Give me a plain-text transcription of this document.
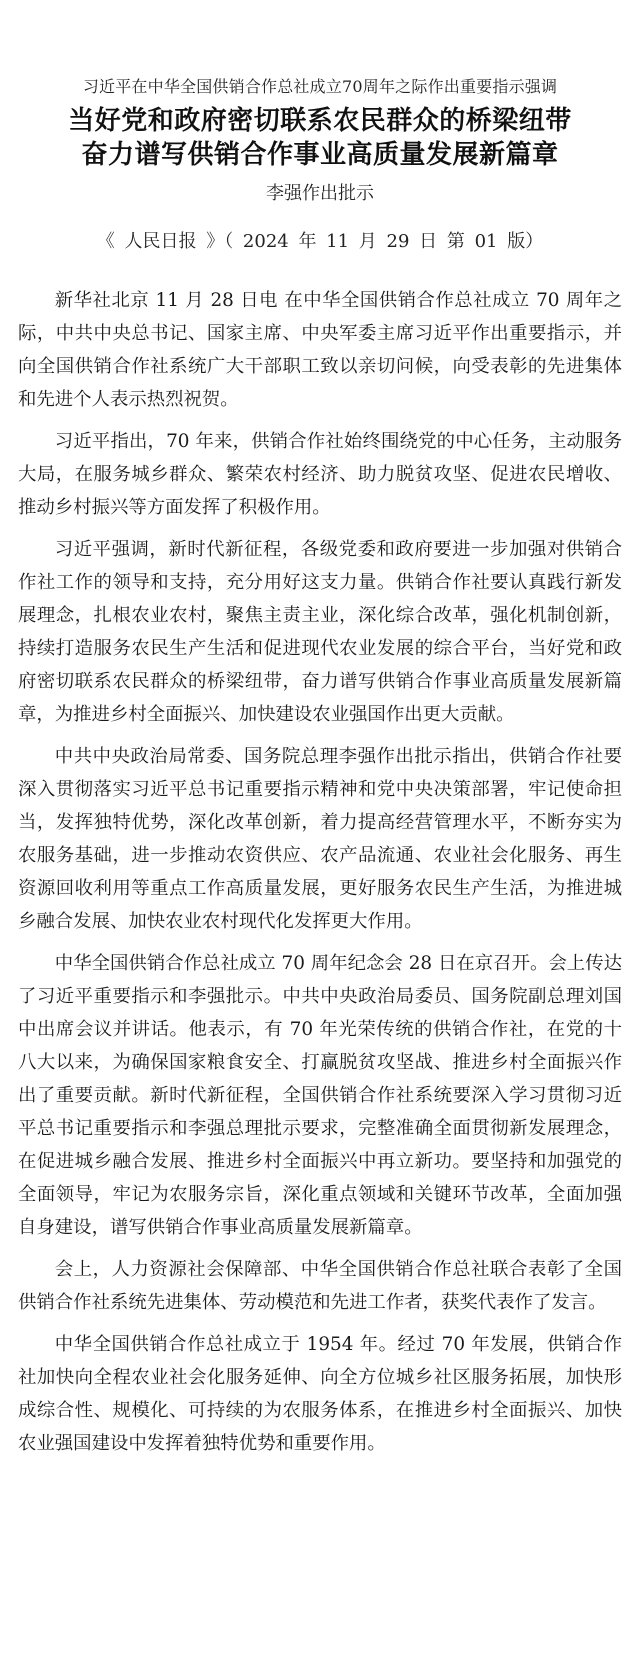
习近平在中华全国供销合作总社成立70周年之际作出重要指示强调

当好党和政府密切联系农民群众的桥梁纽带
奋力谱写供销合作事业高质量发展新篇章

李强作出批示

《 人民日报 》（ 2024 年 11 月 29 日 第 01 版）

新华社北京 11 月 28 日电 在中华全国供销合作总社成立 70 周年之际，中共中央总书记、国家主席、中央军委主席习近平作出重要指示，并向全国供销合作社系统广大干部职工致以亲切问候，向受表彰的先进集体和先进个人表示热烈祝贺。

习近平指出，70 年来，供销合作社始终围绕党的中心任务，主动服务大局，在服务城乡群众、繁荣农村经济、助力脱贫攻坚、促进农民增收、推动乡村振兴等方面发挥了积极作用。

习近平强调，新时代新征程，各级党委和政府要进一步加强对供销合作社工作的领导和支持，充分用好这支力量。供销合作社要认真践行新发展理念，扎根农业农村，聚焦主责主业，深化综合改革，强化机制创新，持续打造服务农民生产生活和促进现代农业发展的综合平台，当好党和政府密切联系农民群众的桥梁纽带，奋力谱写供销合作事业高质量发展新篇章，为推进乡村全面振兴、加快建设农业强国作出更大贡献。

中共中央政治局常委、国务院总理李强作出批示指出，供销合作社要深入贯彻落实习近平总书记重要指示精神和党中央决策部署，牢记使命担当，发挥独特优势，深化改革创新，着力提高经营管理水平，不断夯实为农服务基础，进一步推动农资供应、农产品流通、农业社会化服务、再生资源回收利用等重点工作高质量发展，更好服务农民生产生活，为推进城乡融合发展、加快农业农村现代化发挥更大作用。

中华全国供销合作总社成立 70 周年纪念会 28 日在京召开。会上传达了习近平重要指示和李强批示。中共中央政治局委员、国务院副总理刘国中出席会议并讲话。他表示，有 70 年光荣传统的供销合作社，在党的十八大以来，为确保国家粮食安全、打赢脱贫攻坚战、推进乡村全面振兴作出了重要贡献。新时代新征程，全国供销合作社系统要深入学习贯彻习近平总书记重要指示和李强总理批示要求，完整准确全面贯彻新发展理念，在促进城乡融合发展、推进乡村全面振兴中再立新功。要坚持和加强党的全面领导，牢记为农服务宗旨，深化重点领域和关键环节改革，全面加强自身建设，谱写供销合作事业高质量发展新篇章。

会上，人力资源社会保障部、中华全国供销合作总社联合表彰了全国供销合作社系统先进集体、劳动模范和先进工作者，获奖代表作了发言。

中华全国供销合作总社成立于 1954 年。经过 70 年发展，供销合作社加快向全程农业社会化服务延伸、向全方位城乡社区服务拓展，加快形成综合性、规模化、可持续的为农服务体系，在推进乡村全面振兴、加快农业强国建设中发挥着独特优势和重要作用。
